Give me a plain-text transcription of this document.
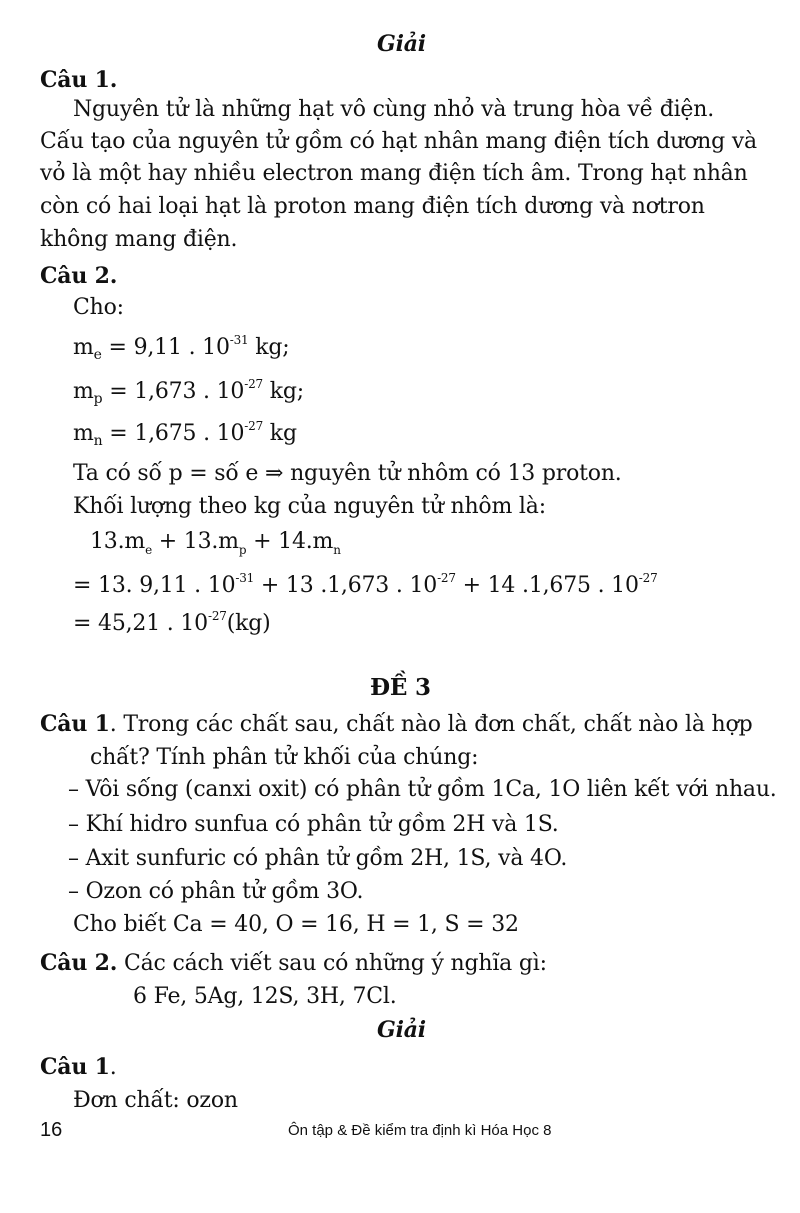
Giải
Câu 1.
Nguyên tử là những hạt vô cùng nhỏ và trung hòa về điện.
Cấu tạo của nguyên tử gồm có hạt nhân mang điện tích dương và
vỏ là một hay nhiều electron mang điện tích âm. Trong hạt nhân
còn có hai loại hạt là proton mang điện tích dương và nơtron
không mang điện.
Câu 2.
Cho:
$m_e = 9,11$ . $10^{-31}$ kg;
$m_p = 1,673$ . $10^{-27}$ kg;
$m_n = 1,675$ . $10^{-27}$ kg
Ta có số p = số e ⇒ nguyên tử nhôm có 13 proton.
Khối lượng theo kg của nguyên tử nhôm là:
$13.m_e + 13.m_p + 14.m_n$
= 13. 9,11 . $10^{-31} + 13$ .1,673 . $10^{-27} + 14$ .1,675 . $10^{-27}$
= 45,21 . $10^{-27}(kg)$
ĐỀ 3
Câu 1. Trong các chất sau, chất nào là đơn chất, chất nào là hợp
chất? Tính phân tử khối của chúng:
– Vôi sống (canxi oxit) có phân tử gồm 1Ca, 1O liên kết với nhau.
– Khí hidro sunfua có phân tử gồm 2H và 1S.
– Axit sunfuric có phân tử gồm 2H, 1S, và 4O.
– Ozon có phân tử gồm 3O.
Cho biết Ca = 40, O = 16, H = 1, S = 32
Câu 2. Các cách viết sau có những ý nghĩa gì:
6 Fe, 5Ag, 12S, 3H, 7Cl.
Giải
Câu 1.
Đơn chất: ozon
16	Ôn tập & Đề kiểm tra định kì Hóa Học 8
